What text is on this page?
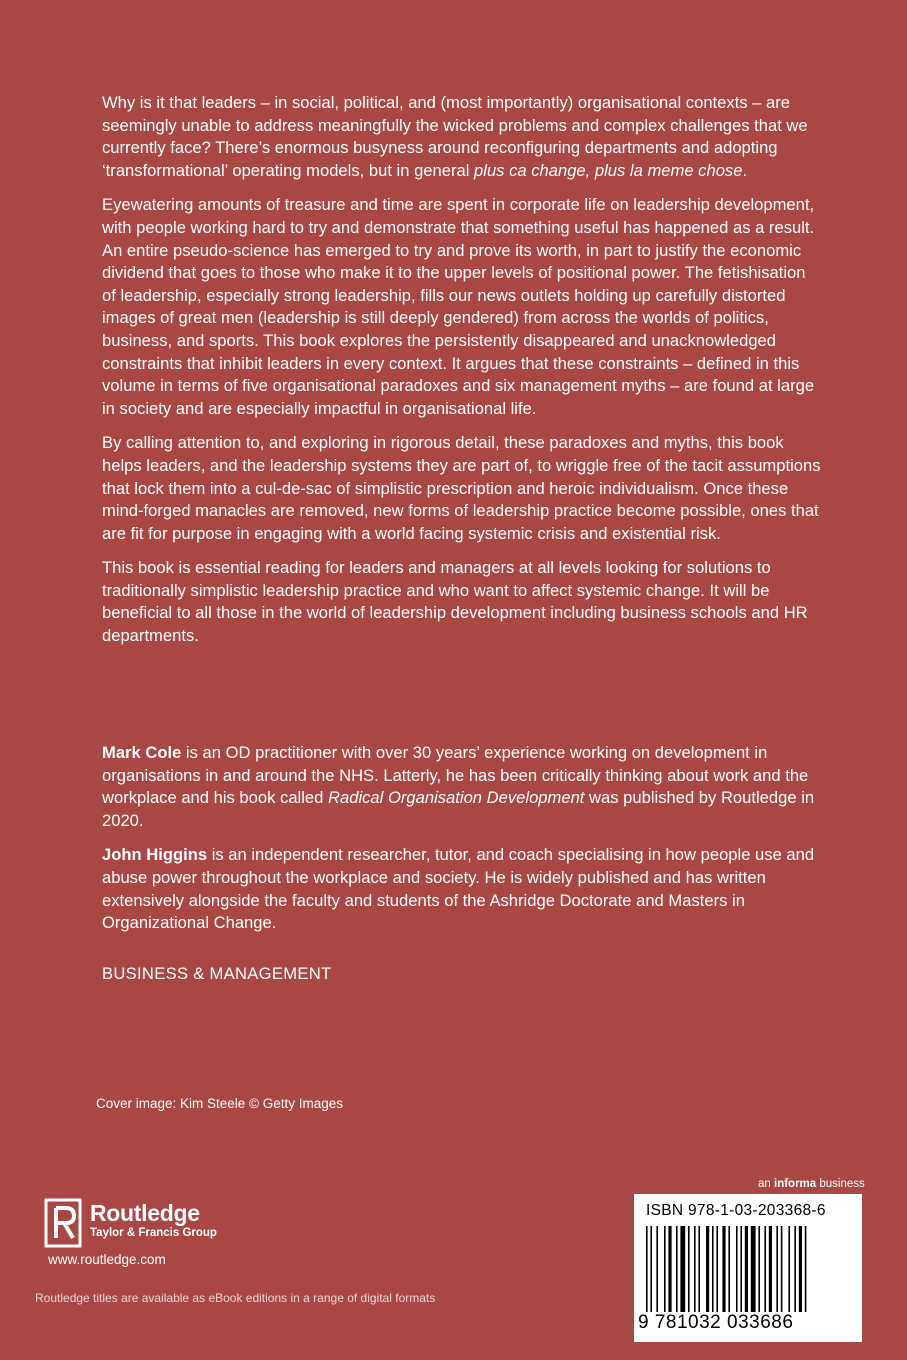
Why is it that leaders – in social, political, and (most importantly) organisational contexts – are seemingly unable to address meaningfully the wicked problems and complex challenges that we currently face? There’s enormous busyness around reconfiguring departments and adopting ‘transformational’ operating models, but in general plus ca change, plus la meme chose.

Eyewatering amounts of treasure and time are spent in corporate life on leadership development, with people working hard to try and demonstrate that something useful has happened as a result. An entire pseudo-science has emerged to try and prove its worth, in part to justify the economic dividend that goes to those who make it to the upper levels of positional power. The fetishisation of leadership, especially strong leadership, fills our news outlets holding up carefully distorted images of great men (leadership is still deeply gendered) from across the worlds of politics, business, and sports. This book explores the persistently disappeared and unacknowledged constraints that inhibit leaders in every context. It argues that these constraints – defined in this volume in terms of five organisational paradoxes and six management myths – are found at large in society and are especially impactful in organisational life.

By calling attention to, and exploring in rigorous detail, these paradoxes and myths, this book helps leaders, and the leadership systems they are part of, to wriggle free of the tacit assumptions that lock them into a cul-de-sac of simplistic prescription and heroic individualism. Once these mind-forged manacles are removed, new forms of leadership practice become possible, ones that are fit for purpose in engaging with a world facing systemic crisis and existential risk.

This book is essential reading for leaders and managers at all levels looking for solutions to traditionally simplistic leadership practice and who want to affect systemic change. It will be beneficial to all those in the world of leadership development including business schools and HR departments.

Mark Cole is an OD practitioner with over 30 years’ experience working on development in organisations in and around the NHS. Latterly, he has been critically thinking about work and the workplace and his book called Radical Organisation Development was published by Routledge in 2020.

John Higgins is an independent researcher, tutor, and coach specialising in how people use and abuse power throughout the workplace and society. He is widely published and has written extensively alongside the faculty and students of the Ashridge Doctorate and Masters in Organizational Change.

BUSINESS & MANAGEMENT
Cover image: Kim Steele © Getty Images
Routledge
Taylor & Francis Group
www.routledge.com
Routledge titles are available as eBook editions in a range of digital formats
an informa business
ISBN 978-1-03-203368-6
9 781032 033686
